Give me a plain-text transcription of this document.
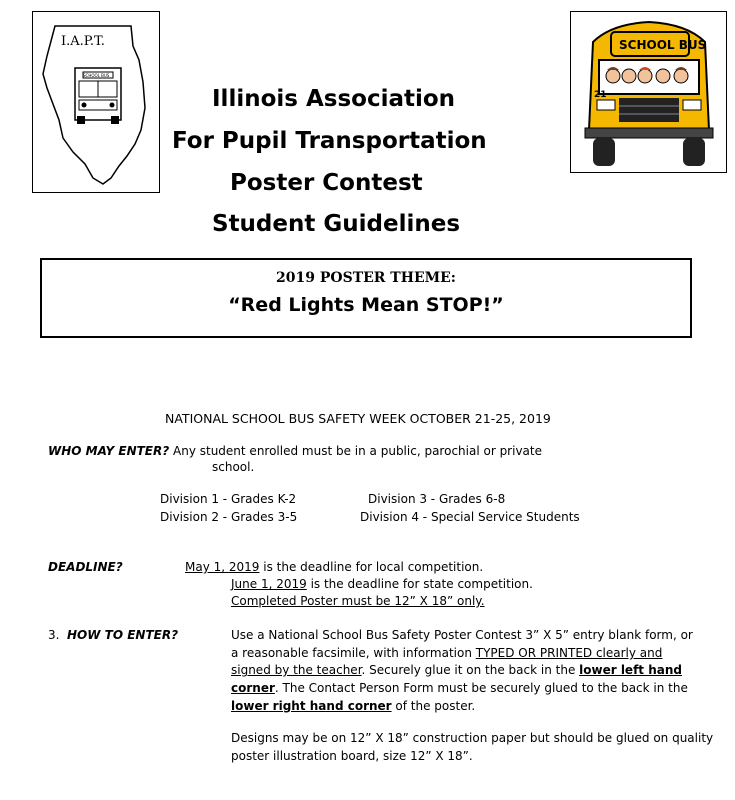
I.A.P.T.
SCHOOL BUS
SCHOOL BUS
21
Illinois Association
For Pupil Transportation
Poster Contest
Student Guidelines
2019 POSTER THEME:
“Red Lights Mean STOP!”
NATIONAL SCHOOL BUS SAFETY WEEK OCTOBER 21-25, 2019
WHO MAY ENTER? Any student enrolled must be in a public, parochial or private
school.
Division 1 - Grades K-2	Division 3 - Grades 6-8
Division 2 - Grades 3-5	Division 4 - Special Service Students
DEADLINE?	May 1, 2019 is the deadline for local competition.
June 1, 2019 is the deadline for state competition.
Completed Poster must be 12” X 18” only.
3. HOW TO ENTER?	Use a National School Bus Safety Poster Contest 3” X 5” entry blank form, or
a reasonable facsimile, with information TYPED OR PRINTED clearly and
signed by the teacher. Securely glue it on the back in the lower left hand
corner. The Contact Person Form must be securely glued to the back in the
lower right hand corner of the poster.
Designs may be on 12” X 18” construction paper but should be glued on quality
poster illustration board, size 12” X 18”.
